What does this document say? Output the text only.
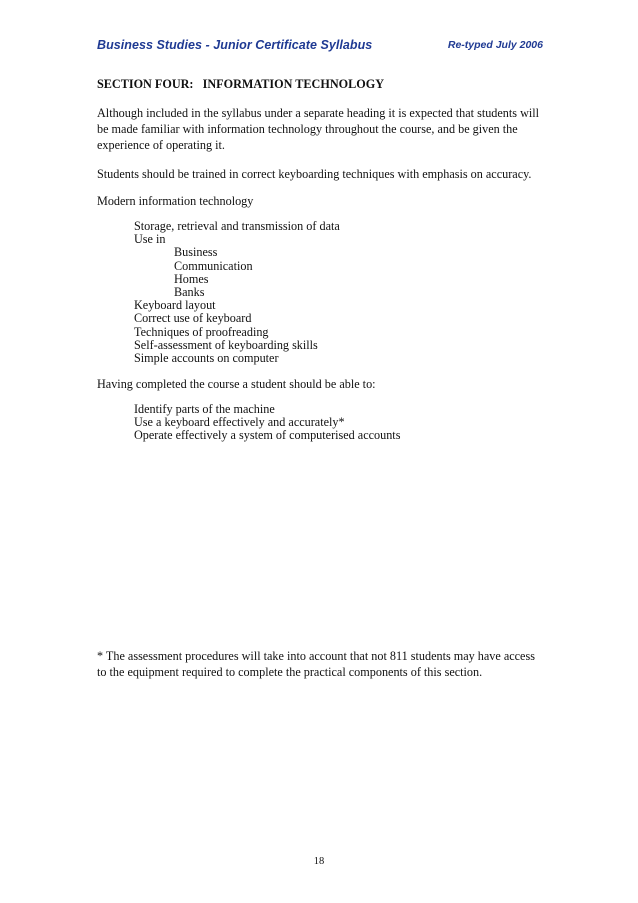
Business Studies - Junior Certificate Syllabus	Re-typed July 2006

SECTION FOUR:   INFORMATION TECHNOLOGY

Although included in the syllabus under a separate heading it is expected that students will be made familiar with information technology throughout the course, and be given the experience of operating it.

Students should be trained in correct keyboarding techniques with emphasis on accuracy.

Modern information technology

Storage, retrieval and transmission of data
Use in
Business
Communication
Homes
Banks
Keyboard layout
Correct use of keyboard
Techniques of proofreading
Self-assessment of keyboarding skills
Simple accounts on computer

Having completed the course a student should be able to:

Identify parts of the machine
Use a keyboard effectively and accurately*
Operate effectively a system of computerised accounts

* The assessment procedures will take into account that not 811 students may have access to the equipment required to complete the practical components of this section.

18
